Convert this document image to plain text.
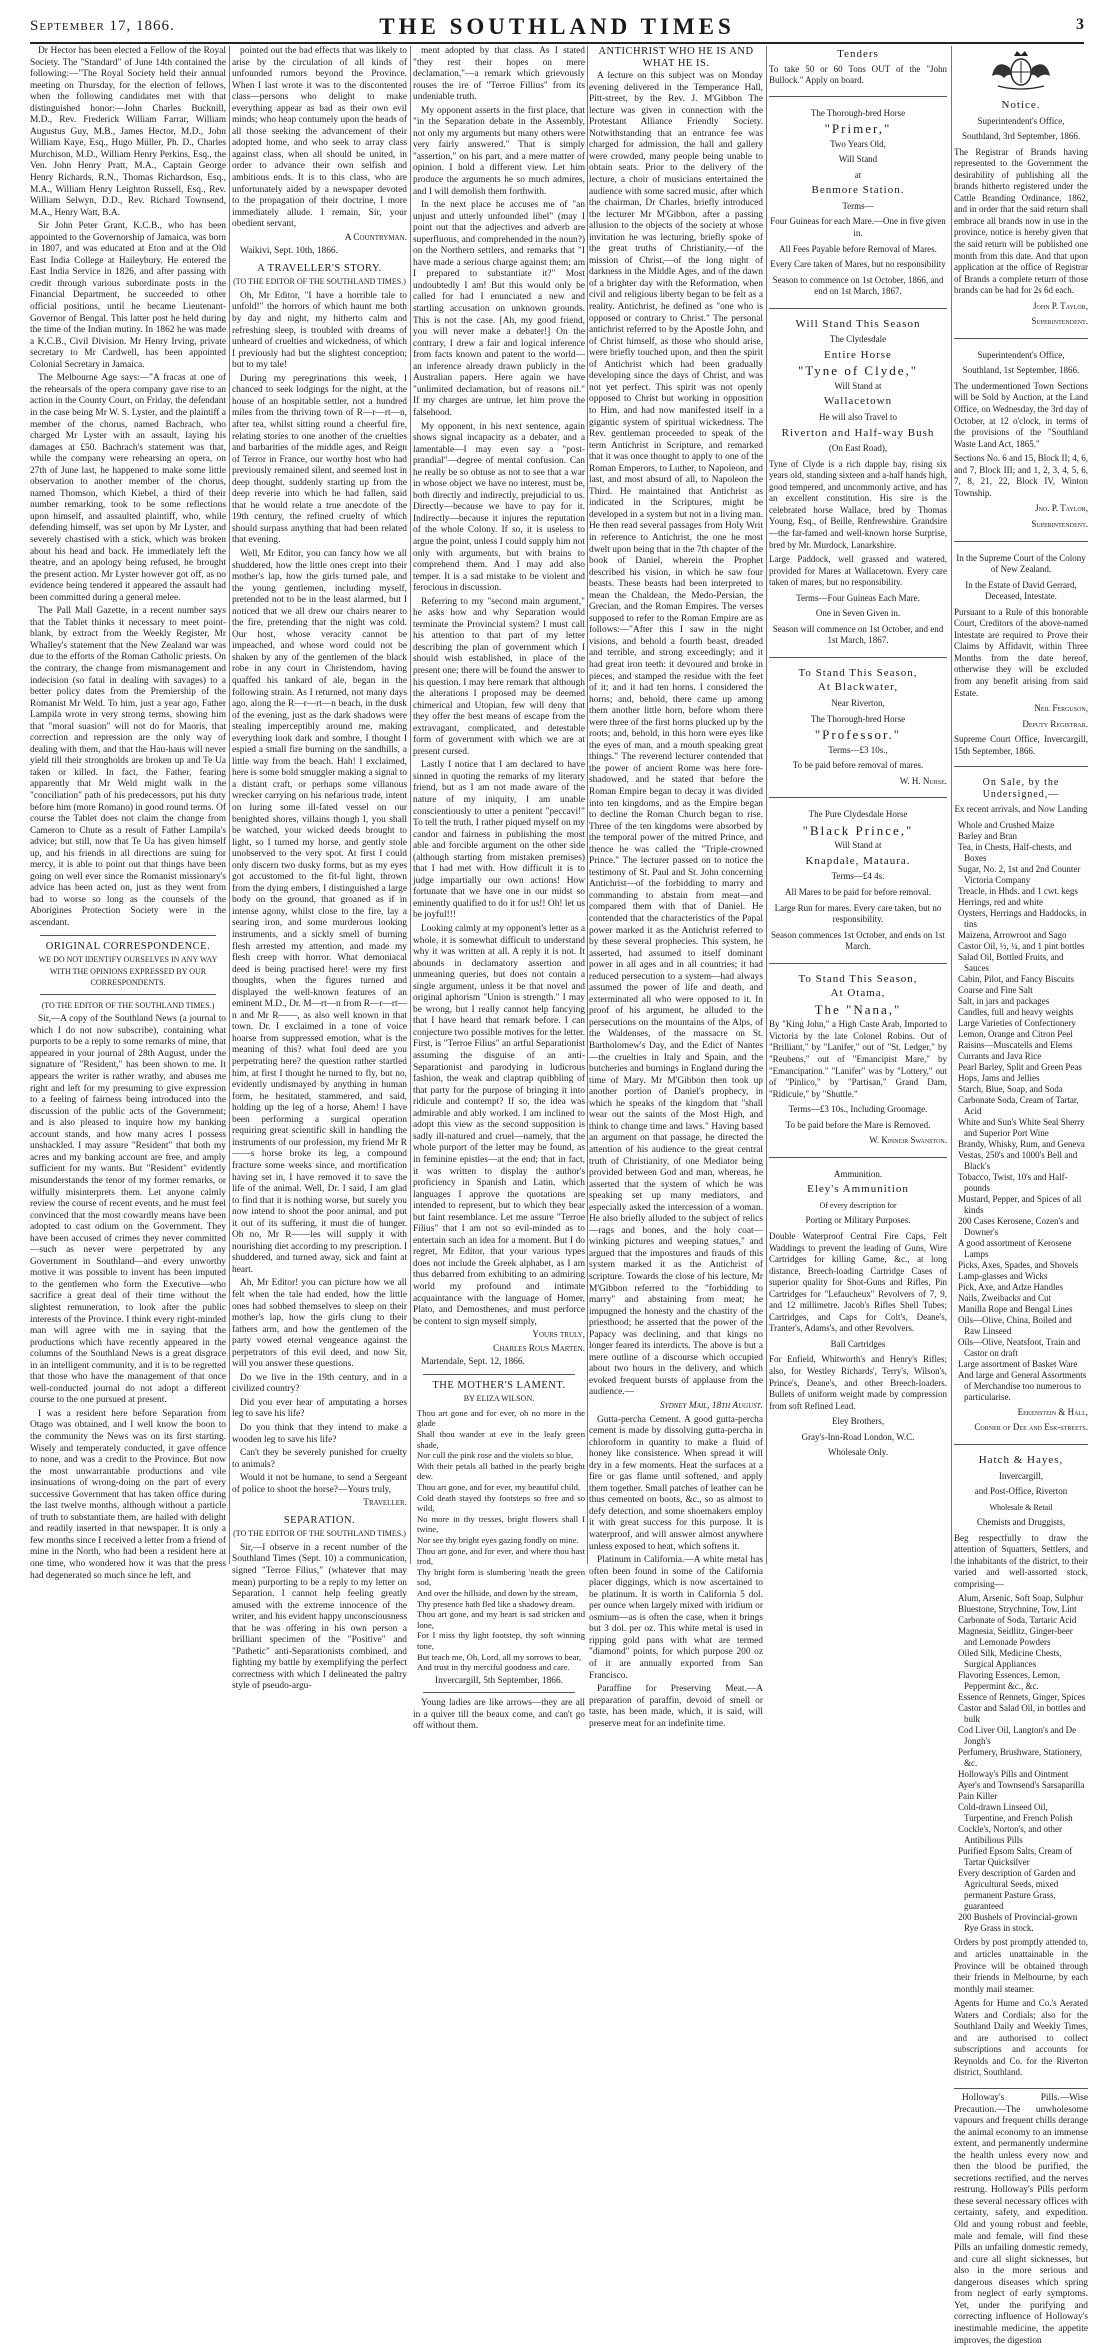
September 17, 1866.	THE SOUTHLAND TIMES	3

Dr Hector has been elected a Fellow of the Royal Society. The "Standard" of June 14th contained the following:—"The Royal Society held their annual meeting on Thursday, for the election of fellows, when the following candidates met with that distinguished honor:—John Charles Bucknill, M.D., Rev. Frederick William Farrar, William Augustus Guy, M.B., James Hector, M.D., John William Kaye, Esq., Hugo Müller, Ph. D., Charles Murchison, M.D., William Henry Perkins, Esq., the Ven. John Henry Pratt, M.A., Captain George Henry Richards, R.N., Thomas Richardson, Esq., M.A., William Henry Leighton Russell, Esq., Rev. William Selwyn, D.D., Rev. Richard Townsend, M.A., Henry Watt, B.A.

Sir John Peter Grant, K.C.B., who has been appointed to the Governorship of Jamaica, was born in 1807, and was educated at Eton and at the Old East India College at Haileybury. He entered the East India Service in 1826, and after passing with credit through various subordinate posts in the Financial Department, he succeeded to other official positions, until he became Lieutenant-Governor of Bengal. This latter post he held during the time of the Indian mutiny. In 1862 he was made a K.C.B., Civil Division. Mr Henry Irving, private secretary to Mr Cardwell, has been appointed Colonial Secretary in Jamaica.

The Melbourne Age says:—"A fracas at one of the rehearsals of the opera company gave rise to an action in the County Court, on Friday, the defendant in the case being Mr W. S. Lyster, and the plaintiff a member of the chorus, named Bachrach, who charged Mr Lyster with an assault, laying his damages at £50. Bachrach's statement was that, while the company were rehearsing an opera, on 27th of June last, he happened to make some little observation to another member of the chorus, named Thomson, which Kiebel, a third of their number remarking, took to be some reflections upon himself, and assaulted plaintiff, who, while defending himself, was set upon by Mr Lyster, and severely chastised with a stick, which was broken about his head and back. He immediately left the theatre, and an apology being refused, he brought the present action. Mr Lyster however got off, as no evidence being tendered it appeared the assault had been committed during a general melee.

The Pall Mall Gazette, in a recent number says that the Tablet thinks it necessary to meet point-blank, by extract from the Weekly Register, Mr Whalley's statement that the New Zealand war was due to the efforts of the Roman Catholic priests. On the contrary, the change from mismanagement and indecision (so fatal in dealing with savages) to a better policy dates from the Premiership of the Romanist Mr Weld. To him, just a year ago, Father Lampila wrote in very strong terms, showing him that "moral suasion" will not do for Maoris, that correction and repression are the only way of dealing with them, and that the Hau-haus will never yield till their strongholds are broken up and Te Ua taken or killed. In fact, the Father, fearing apparently that Mr Weld might walk in the "conciliation" path of his predecessors, put his duty before him (more Romano) in good round terms. Of course the Tablet does not claim the change from Cameron to Chute as a result of Father Lampila's advice; but still, now that Te Ua has given himself up, and his friends in all directions are suing for mercy, it is able to point out that things have been going on well ever since the Romanist missionary's advice has been acted on, just as they went from bad to worse so long as the counsels of the Aborigines Protection Society were in the ascendant.

ORIGINAL CORRESPONDENCE.
WE DO NOT IDENTIFY OURSELVES IN ANY WAY WITH THE OPINIONS EXPRESSED BY OUR CORRESPONDENTS.
(TO THE EDITOR OF THE SOUTHLAND TIMES.)

Sir,—A copy of the Southland News (a journal to which I do not now subscribe), containing what purports to be a reply to some remarks of mine, that appeared in your journal of 28th August, under the signature of "Resident," has been shown to me. It appears the writer is rather wrathy, and abuses me right and left for my presuming to give expression to a feeling of fairness being introduced into the discussion of the public acts of the Government; and is also pleased to inquire how my banking account stands, and how many acres I possess unshackled. I may assure "Resident" that both my acres and my banking account are free, and amply sufficient for my wants. But "Resident" evidently misunderstands the tenor of my former remarks, or wilfully misinterprets them. Let anyone calmly review the course of recent events, and he must feel convinced that the most cowardly means have been adopted to cast odium on the Government. They have been accused of crimes they never committed—such as never were perpetrated by any Government in Southland—and every unworthy motive it was possible to invent has been imputed to the gentlemen who form the Executive—who sacrifice a great deal of their time without the slightest remuneration, to look after the public interests of the Province. I think every right-minded man will agree with me in saying that the productions which have recently appeared in the columns of the Southland News is a great disgrace in an intelligent community, and it is to be regretted that those who have the management of that once well-conducted journal do not adopt a different course to the one pursued at present.

I was a resident here before Separation from Otago was obtained, and I well know the boon to the community the News was on its first starting. Wisely and temperately conducted, it gave offence to none, and was a credit to the Province. But now the most unwarrantable productions and vile insinuations of wrong-doing on the part of every successive Government that has taken office during the last twelve months, although without a particle of truth to substantiate them, are hailed with delight and readily inserted in that newspaper. It is only a few months since I received a letter from a friend of mine in the North, who had been a resident here at one time, who wondered how it was that the press had degenerated so much since he left, and

pointed out the bad effects that was likely to arise by the circulation of all kinds of unfounded rumors beyond the Province. When I last wrote it was to the discontented class—persons who delight to make everything appear as bad as their own evil minds; who heap contumely upon the heads of all those seeking the advancement of their adopted home, and who seek to array class against class, when all should be united, in order to advance their own selfish and ambitious ends. It is to this class, who are unfortunately aided by a newspaper devoted to the propagation of their doctrine, I more immediately allude. I remain, Sir, your obedient servant,

A Countryman.

Waikivi, Sept. 10th, 1866.

A TRAVELLER'S STORY.
(TO THE EDITOR OF THE SOUTHLAND TIMES.)

Oh, Mr Editor, "I have a horrible tale to unfold!" the horrors of which haunt me both by day and night, my hitherto calm and refreshing sleep, is troubled with dreams of unheard of cruelties and wickedness, of which I previously had but the slightest conception; but to my tale!

During my peregrinations this week, I chanced to seek lodgings for the night, at the house of an hospitable settler, not a hundred miles from the thriving town of R—r—rt—n, after tea, whilst sitting round a cheerful fire, relating stories to one another of the cruelties and barbarities of the middle ages, and Reign of Terror in France, our worthy host who had previously remained silent, and seemed lost in deep thought, suddenly starting up from the deep reverie into which he had fallen, said that he would relate a true anecdote of the 19th century, the refined cruelty of which should surpass anything that had been related that evening.

Well, Mr Editor, you can fancy how we all shuddered, how the little ones crept into their mother's lap, how the girls turned pale, and the young gentlemen, including myself, pretended not to be in the least alarmed, but I noticed that we all drew our chairs nearer to the fire, pretending that the night was cold. Our host, whose veracity cannot be impeached, and whose word could not be shaken by any of the gentlemen of the black robe in any court in Christendom, having quaffed his tankard of ale, began in the following strain. As I returned, not many days ago, along the R—r—rt—n beach, in the dusk of the evening, just as the dark shadows were stealing imperceptibly around me, making everything look dark and sombre, I thought I espied a small fire burning on the sandhills, a little way from the beach. Hah! I exclaimed, here is some bold smuggler making a signal to a distant craft, or perhaps some villanous wrecker carrying on his nefarious trade, intent on luring some ill-fated vessel on our benighted shores, villains though I, you shall be watched, your wicked deeds brought to light, so I turned my horse, and gently stole unobserved to the very spot. At first I could only discern two dusky forms, but as my eyes got accustomed to the fit-ful light, thrown from the dying embers, I distinguished a large body on the ground, that groaned as if in intense agony, whilst close to the fire, lay a searing iron, and some murderous looking instruments, and a sickly smell of burning flesh arrested my attention, and made my flesh creep with horror. What demoniacal deed is being practised here! were my first thoughts, when the figures turned and displayed the well-known features of an eminent M.D., Dr. M—rt—n from R—r—rt—n and Mr R——, as also well known in that town. Dr. I exclaimed in a tone of voice hoarse from suppressed emotion, what is the meaning of this? what foul deed are you perpetrating here? the question rather startled him, at first I thought he turned to fly, but no, evidently undismayed by anything in human form, he hesitated, stammered, and said, holding up the leg of a horse, Ahem! I have been performing a surgical operation requiring great scientific skill in handling the instruments of our profession, my friend Mr R——s horse broke its leg, a compound fracture some weeks since, and mortification having set in, I have removed it to save the life of the animal. Well, Dr. I said, I am glad to find that it is nothing worse, but surely you now intend to shoot the poor animal, and put it out of its suffering, it must die of hunger. Oh no, Mr R——les will supply it with nourishing diet according to my prescription. I shuddered, and turned away, sick and faint at heart.

Ah, Mr Editor! you can picture how we all felt when the tale had ended, how the little ones had sobbed themselves to sleep on their mother's lap, how the girls clung to their fathers arm, and how the gentlemen of the party vowed eternal vengeance against the perpetrators of this evil deed, and now Sir, will you answer these questions.

Do we live in the 19th century, and in a civilized country?

Did you ever hear of amputating a horses leg to save his life?

Do you think that they intend to make a wooden leg to save his life?

Can't they be severely punished for cruelty to animals?

Would it not be humane, to send a Sergeant of police to shoot the horse?—Yours truly,

Traveller.
SEPARATION.
(TO THE EDITOR OF THE SOUTHLAND TIMES.)

Sir,—I observe in a recent number of the Southland Times (Sept. 10) a communication, signed "Terroe Filius," (whatever that may mean) purporting to be a reply to my letter on Separation. I cannot help feeling greatly amused with the extreme innocence of the writer, and his evident happy unconsciousness that he was offering in his own person a brilliant specimen of the "Positive" and "Pathetic" anti-Separationists combined, and fighting my battle by exemplifying the perfect correctness with which I delineated the paltry style of pseudo-argu-

ment adopted by that class. As I stated "they rest their hopes on mere declamation,"—a remark which grievously rouses the ire of "Terroe Fillius" from its undeniable truth.

My opponent asserts in the first place, that "in the Separation debate in the Assembly, not only my arguments but many others were very fairly answered." That is simply "assertion," on his part, and a mere matter of opinion. I hold a different view. Let him produce the arguments he so much admires, and I will demolish them forthwith.

In the next place he accuses me of "an unjust and utterly unfounded libel" (may I point out that the adjectives and adverb are superfluous, and comprehended in the noun?) on the Northern settlers, and remarks that "I have made a serious charge against them; am I prepared to substantiate it?" Most undoubtedly I am! But this would only be called for had I enunciated a new and startling accusation on unknown grounds. This is not the case. [Ah, my good friend, you will never make a debater!] On the contrary, I drew a fair and logical inference from facts known and patent to the world—an inference already drawn publicly in the Australian papers. Here again we have "unlimited declamation, but of reasons nil." If my charges are untrue, let him prove the falsehood.

My opponent, in his next sentence, again shows signal incapacity as a debater, and a lamentable—I may even say a "post-prandial"—degree of mental confusion. Can he really be so obtuse as not to see that a war in whose object we have no interest, must be, both directly and indirectly, prejudicial to us. Directly—because we have to pay for it. Indirectly—because it injures the reputation of the whole Colony. If so, it is useless to argue the point, unless I could supply him not only with arguments, but with brains to comprehend them. And I may add also temper. It is a sad mistake to be violent and ferocious in discussion.

Referring to my "second main argument," he asks how and why Separation would terminate the Provincial system? I must call his attention to that part of my letter describing the plan of government which I should wish established, in place of the present one; there will be found the answer to his question. I may here remark that although the alterations I proposed may be deemed chimerical and Utopian, few will deny that they offer the best means of escape from the extravagant, complicated, and detestable form of government with which we are at present cursed.

Lastly I notice that I am declared to have sinned in quoting the remarks of my literary friend, but as I am not made aware of the nature of my iniquity, I am unable conscientiously to utter a penitent "peccavi!" To tell the truth, I rather piqued myself on my candor and fairness in publishing the most able and forcible argument on the other side (although starting from mistaken premises) that I had met with. How difficult it is to judge impartially our own actions! How fortunate that we have one in our midst so eminently qualified to do it for us!! Oh! let us be joyful!!!

Looking calmly at my opponent's letter as a whole, it is somewhat difficult to understand why it was written at all. A reply it is not. It abounds in declamatory assertion and unmeaning queries, but does not contain a single argument, unless it be that novel and original aphorism "Union is strength." I may be wrong, but I really cannot help fancying that I have heard that remark before. I can conjecture two possible motives for the letter. First, is "Terroe Filius" an artful Separationist assuming the disguise of an anti-Separationist and parodying in ludicrous fashion, the weak and claptrap quibbling of that party for the purpose of bringing it into ridicule and contempt? If so, the idea was admirable and ably worked. I am inclined to adopt this view as the second supposition is sadly ill-natured and cruel—namely, that the whole purport of the letter may be found, as in feminine epistles—at the end; that in fact, it was written to display the author's proficiency in Spanish and Latin, which languages I approve the quotations are intended to represent, but to which they bear but faint resemblance. Let me assure "Terroe Filius" that I am not so evil-minded as to entertain such an idea for a moment. But I do regret, Mr Editor, that your various types does not include the Greek alphabet, as I am thus debarred from exhibiting to an admiring world my profound and intimate acquaintance with the language of Homer, Plato, and Demosthenes, and must perforce be content to sign myself simply,

Yours truly,
Charles Rous Marten.

Martendale, Sept. 12, 1866.

THE MOTHER'S LAMENT.
BY ELIZA WILSON.
Thou art gone and for ever, oh no more in the glade
Shall thou wander at eve in the leafy green shade,
Nor cull the pink rose and the violets so blue,
With their petals all bathed in the pearly bright dew.
Thou art gone, and for ever, my beautiful child,
Cold death stayed thy footsteps so free and so wild,
No more in thy tresses, bright flowers shall I twine,
Nor see thy bright eyes gazing fondly on mine.
Thou art gone, and for ever, and where thou hast trod,
Thy bright form is slumbering 'neath the green sod,
And over the hillside, and down by the stream,
Thy presence hath fled like a shadowy dream.
Thou art gone, and my heart is sad stricken and lone,
For I miss thy light footstep, thy soft winning tone,
But teach me, Oh, Lord, all my sorrows to bear,
And trust in thy merciful goodness and care.

Invercargill, 5th September, 1866.

Young ladies are like arrows—they are all in a quiver till the beaux come, and can't go off without them.

ANTICHRIST WHO HE IS AND WHAT HE IS.

A lecture on this subject was on Monday evening delivered in the Temperance Hall, Pitt-street, by the Rev. J. M'Gibbon The lecture was given in connection with the Protestant Alliance Friendly Society. Notwithstanding that an entrance fee was charged for admission, the hall and gallery were crowded, many people being unable to obtain seats. Prior to the delivery of the lecture, a choir of musicians entertained the audience with some sacred music, after which the chairman, Dr Charles, briefly introduced the lecturer Mr M'Gibbon, after a passing allusion to the objects of the society at whose invitation he was lecturing, briefly spoke of the great truths of Christianity,—of the mission of Christ,—of the long night of darkness in the Middle Ages, and of the dawn of a brighter day with the Reformation, when civil and religious liberty began to be felt as a reality. Antichrist, he defined as "one who is opposed or contrary to Christ." The personal antichrist referred to by the Apostle John, and of Christ himself, as those who should arise, were briefly touched upon, and then the spirit of Antichrist which had been gradually developing since the days of Christ, and was not yet perfect. This spirit was not openly opposed to Christ but working in opposition to Him, and had now manifested itself in a gigantic system of spiritual wickedness. The Rev. gentleman proceeded to speak of the term Antichrist in Scripture, and remarked that it was once thought to apply to one of the Roman Emperors, to Luther, to Napoleon, and last, and most absurd of all, to Napoleon the Third. He maintained that Antichrist as indicated in the Scriptures, might be developed in a system but not in a living man. He then read several passages from Holy Writ in reference to Antichrist, the one he most dwelt upon being that in the 7th chapter of the book of Daniel, wherein the Prophet described his vision, in which he saw four beasts. These beasts had been interpreted to mean the Chaldean, the Medo-Persian, the Grecian, and the Roman Empires. The verses supposed to refer to the Roman Empire are as follows:—"After this I saw in the night visions, and behold a fourth beast, dreaded and terrible, and strong exceedingly; and it had great iron teeth: it devoured and broke in pieces, and stamped the residue with the feet of it; and it had ten horns. I considered the horns; and, behold, there came up among them another little horn, before whom there were three of the first horns plucked up by the roots; and, behold, in this horn were eyes like the eyes of man, and a mouth speaking great things." The reverend lecturer contended that the power of ancient Rome was here fore-shadowed, and he stated that before the Roman Empire began to decay it was divided into ten kingdoms, and as the Empire began to decline the Roman Church began to rise. Three of the ten kingdoms were absorbed by the temporal power of the mitred Prince, and thence he was called the "Triple-crowned Prince." The lecturer passed on to notice the testimony of St. Paul and St. John concerning Antichrist—of the forbidding to marry and commanding to abstain from meat—and compared them with that of Daniel. He contended that the characteristics of the Papal power marked it as the Antichrist referred to by these several prophecies. This system, he asserted, had assumed to itself dominant power in all ages and in all countries; it had reduced persecution to a system—had always assumed the power of life and death, and exterminated all who were opposed to it. In proof of his argument, he alluded to the persecutions on the mountains of the Alps, of the Waldenses, of the massacre on St. Bartholomew's Day, and the Edict of Nantes—the cruelties in Italy and Spain, and the butcheries and burnings in England during the time of Mary. Mr M'Gibbon then took up another portion of Daniel's prophecy, in which he speaks of the kingdom that "shall wear out the saints of the Most High, and think to change time and laws." Having based an argument on that passage, he directed the attention of his audience to the great central truth of Christianity, of one Mediator being provided between God and man, whereas, he asserted that the system of which he was speaking set up many mediators, and especially asked the intercession of a woman. He also briefly alluded to the subject of relics—rags and bones, and the holy coat—winking pictures and weeping statues," and argued that the impostures and frauds of this system marked it as the Antichrist of scripture. Towards the close of his lecture, Mr M'Gibbon referred to the "forbidding to marry" and abstaining from meat; he impugned the honesty and the chastity of the priesthood; he asserted that the power of the Papacy was declining, and that kings no longer feared its interdicts. The above is but a mere outline of a discourse which occupied about two hours in the delivery, and which evoked frequent bursts of applause from the audience.—

Sydney Mail, 18th August.

Gutta-percha Cement. A good gutta-percha cement is made by dissolving gutta-percha in chloroform in quantity to make a fluid of honey like consistence. When spread it will dry in a few moments. Heat the surfaces at a fire or gas flame until softened, and apply them together. Small patches of leather can be thus cemented on boots, &c., so as almost to defy detection, and some shoemakers employ it with great success for this purpose. It is waterproof, and will answer almost anywhere unless exposed to heat, which softens it.

Platinum in California.—A white metal has often been found in some of the California placer diggings, which is now ascertained to be platinum. It is worth in California 5 dol. per ounce when largely mixed with iridium or osmium—as is often the case, when it brings but 3 dol. per oz. This white metal is used in ripping gold pans with what are termed "diamond" points, for which purpose 200 oz of it are annually exported from San Francisco.

Paraffine for Preserving Meat.—A preparation of paraffin, devoid of smell or taste, has been made, which, it is said, will preserve meat for an indefinite time.

Tenders
To take 50 or 60 Tons OUT of the "John Bullock." Apply on board.
The Thorough-bred Horse
"Primer,"
Two Years Old,
Will Stand
at
Benmore Station.
Terms—
Four Guineas for each Mare.—One in five given in.
All Fees Payable before Removal of Mares.
Every Care taken of Mares, but no responsibility
Season to commence on 1st October, 1866, and end on 1st March, 1867.
Will Stand This Season
The Clydesdale
Entire Horse
"Tyne of Clyde,"
Will Stand at
Wallacetown
He will also Travel to
Riverton and Half-way Bush
(On East Road),
Tyne of Clyde is a rich dapple bay, rising six years old, standing sixteen and a-half hands high, good tempered, and uncommonly active, and has an excellent constitution. His sire is the celebrated horse Wallace, bred by Thomas Young, Esq., of Beille, Renfrewshire. Grandsire—the far-famed and well-known horse Surprise, bred by Mr. Murdock, Lanarkshire.
Large Paddock, well grassed and watered, provided for Mares at Wallacetown. Every care taken of mares, but no responsibility.
Terms—Four Guineas Each Mare.
One in Seven Given in.
Season will commence on 1st October, and end 1st March, 1867.
To Stand This Season,
At Blackwater,
Near Riverton,
The Thorough-bred Horse
"Professor."
Terms—£3 10s.,
To be paid before removal of mares.
W. H. Nurse.
The Pure Clydesdale Horse
"Black Prince,"
Will Stand at
Knapdale, Mataura.
Terms—£4 4s.
All Mares to be paid for before removal.
Large Run for mares. Every care taken, but no responsibility.
Season commences 1st October, and ends on 1st March.
To Stand This Season,
At Otama,
The "Nana,"
By "King John," a High Caste Arab, Imported to Victoria by the late Colonel Robins. Out of "Brilliant," by "Lanifer," out of "St. Ledger," by "Reubens," out of "Emancipist Mare," by "Emancipation." "Lanifer" was by "Lottery," out of "Pinlico," by "Partisan," Grand Dam, "Ridicule," by "Shuttle."
Terms—£3 10s., Including Groomage.
To be paid before the Mare is Removed.
W. Kinneir Swanston.
Ammunition.
Eley's Ammunition
Of every description for
Porting or Military Purposes.
Double Waterproof Central Fire Caps, Felt Waddings to prevent the leading of Guns, Wire Cartridges for killing Game, &c., at long distance, Breech-loading Cartridge Cases of superior quality for Shot-Guns and Rifles, Pin Cartridges for "Lefaucheux" Revolvers of 7, 9, and 12 millimetre. Jacob's Rifles Shell Tubes; Cartridges, and Caps for Colt's, Deane's, Tranter's, Adams's, and other Revolvers.
Ball Cartridges
For Enfield, Whitworth's and Henry's Rifles; also, for Westley Richards', Terry's, Wilson's, Prince's, Deane's, and other Breech-loaders. Bullets of uniform weight made by compression from soft Refined Lead.
Eley Brothers,
Gray's-Inn-Road London, W.C.
Wholesale Only.
Notice.
Superintendent's Office,
Southland, 3rd September, 1866.
The Registrar of Brands having represented to the Government the desirability of publishing all the brands hitherto registered under the Cattle Branding Ordinance, 1862, and in order that the said return shall embrace all brands now in use in the province, notice is hereby given that the said return will be published one month from this date. And that upon application at the office of Registrar of Brands a complete return of those brands can be had for 2s 6d each.
John P. Taylor,
Superintendent.
Superintendent's Office,
Southland, 1st September, 1866.
The undermentioned Town Sections will be Sold by Auction, at the Land Office, on Wednesday, the 3rd day of October, at 12 o'clock, in terms of the provisions of the "Southland Waste Land Act, 1865."
Sections No. 6 and 15, Block II; 4, 6, and 7, Block III; and 1, 2, 3, 4, 5, 6, 7, 8, 21, 22, Block IV, Winton Township.
Jno. P. Taylor,
Superintendent.
In the Supreme Court of the Colony of New Zealand.
In the Estate of David Gerrard, Deceased, Intestate.
Pursuant to a Rule of this honorable Court, Creditors of the above-named Intestate are required to Prove their Claims by Affidavit, within Three Months from the date hereof, otherwise they will be excluded from any benefit arising from said Estate.
Neil Ferguson,
Deputy Registrar.
Supreme Court Office, Invercargill, 15th September, 1866.
On Sale, by the Undersigned,—
Ex recent arrivals, and Now Landing
Whole and Crushed Maize
Barley and Bran
Tea, in Chests, Half-chests, and Boxes
Sugar, No. 2, 1st and 2nd Counter Victoria Company
Treacle, in Hhds. and 1 cwt. kegs
Herrings, red and white
Oysters, Herrings and Haddocks, in tins
Maizena, Arrowroot and Sago
Castor Oil, ½, ¼, and 1 pint bottles
Salad Oil, Bottled Fruits, and Sauces
Cabin, Pilot, and Fancy Biscuits
Coarse and Fine Salt
Salt, in jars and packages
Candles, full and heavy weights
Large Varieties of Confectionery
Lemon, Orange and Citron Peel
Raisins—Muscatells and Elems
Currants and Java Rice
Pearl Barley, Split and Green Peas
Hops, Jams and Jellies
Starch, Blue, Soap, and Soda
Carbonate Soda, Cream of Tartar, Acid
White and Sun's White Seal Sherry and Superior Port Wine
Brandy, Whisky, Rum, and Geneva
Vestas, 250's and 1000's Bell and Black's
Tobacco, Twist, 10's and Half-pounds
Mustard, Pepper, and Spices of all kinds
200 Cases Kerosene, Cozen's and Downer's
A good assortment of Kerosene Lamps
Picks, Axes, Spades, and Shovels
Lamp-glasses and Wicks
Pick, Axe, and Adze Handles
Nails, Zweibacks and Cut
Manilla Rope and Bengal Lines
Oils—Olive, China, Boiled and Raw Linseed
Oils—Olive, Neatsfoot, Train and Castor on draft
Large assortment of Basket Ware
And large and General Assortments of Merchandise too numerous to particularise.
Eekenstein & Hall,
Corner of Dee and Esk-streets.
Hatch & Hayes,
Invercargill,
and Post-Office, Riverton
Wholesale & Retail
Chemists and Druggists,
Beg respectfully to draw the attention of Squatters, Settlers, and the inhabitants of the district, to their varied and well-assorted stock, comprising—
Alum, Arsenic, Soft Soap, Sulphur
Bluestone, Strychnine, Tow, Lint
Carbonate of Soda, Tartaric Acid
Magnesia, Seidlitz, Ginger-beer and Lemonade Powders
Oiled Silk, Medicine Chests, Surgical Appliances
Flavoring Essences, Lemon, Peppermint &c., &c.
Essence of Rennets, Ginger, Spices
Castor and Salad Oil, in bottles and bulk
Cod Liver Oil, Langton's and De Jongh's
Perfumery, Brushware, Stationery, &c.
Holloway's Pills and Ointment
Ayer's and Townsend's Sarsaparilla
Pain Killer
Cold-drawn Linseed Oil, Turpentine, and French Polish
Cockle's, Norton's, and other Antibilious Pills
Purified Epsom Salts, Cream of Tartar Quicksilver
Every description of Garden and Agricultural Seeds, mixed permanent Pasture Grass, guaranteed
200 Bushels of Provincial-grown Rye Grass in stock.
Orders by post promptly attended to, and articles unattainable in the Province will be obtained through their friends in Melbourne, by each monthly mail steamer.
Agents for Hume and Co.'s Aerated Waters and Cordials; also for the Southland Daily and Weekly Times, and are authorised to collect subscriptions and accounts for Reynolds and Co. for the Riverton district, Southland.

Holloway's Pills.—Wise Precaution.—The unwholesome vapours and frequent chills derange the animal economy to an immense extent, and permanently undermine the health unless every now and then the blood be purified, the secretions rectified, and the nerves restrung. Holloway's Pills perform these several necessary offices with certainty, safety, and expedition. Old and young robust and feeble, male and female, will find these Pills an unfailing domestic remedy, and cure all slight sicknesses, but also in the more serious and dangerous diseases which spring from neglect of early symptoms. Yet, under the purifying and correcting influence of Holloway's inestimable medicine, the appetite improves, the digestion
